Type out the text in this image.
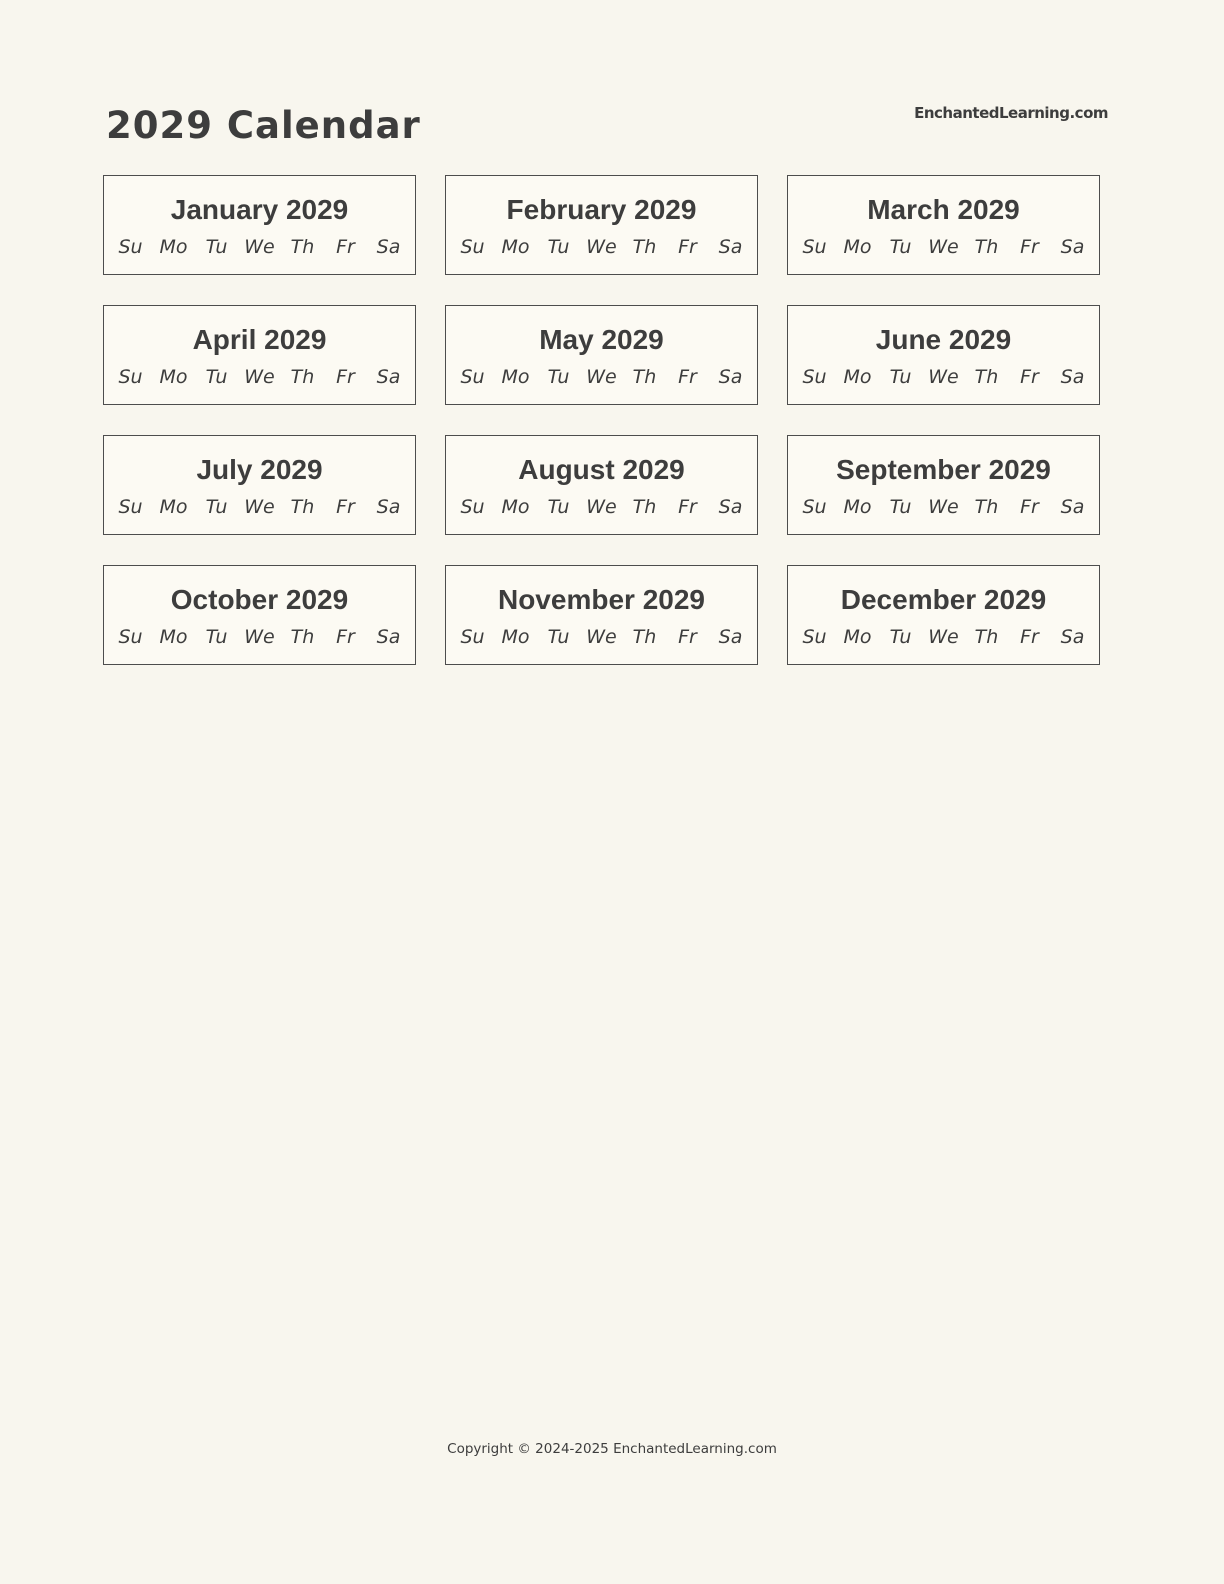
EnchantedLearning.com
2029 Calendar
January 2029
Su	Mo	Tu	We	Th	Fr	Sa

February 2029
Su	Mo	Tu	We	Th	Fr	Sa

March 2029
Su	Mo	Tu	We	Th	Fr	Sa

April 2029
Su	Mo	Tu	We	Th	Fr	Sa

May 2029
Su	Mo	Tu	We	Th	Fr	Sa

June 2029
Su	Mo	Tu	We	Th	Fr	Sa

July 2029
Su	Mo	Tu	We	Th	Fr	Sa

August 2029
Su	Mo	Tu	We	Th	Fr	Sa

September 2029
Su	Mo	Tu	We	Th	Fr	Sa

October 2029
Su	Mo	Tu	We	Th	Fr	Sa

November 2029
Su	Mo	Tu	We	Th	Fr	Sa

December 2029
Su	Mo	Tu	We	Th	Fr	Sa

Copyright © 2024-2025 EnchantedLearning.com
